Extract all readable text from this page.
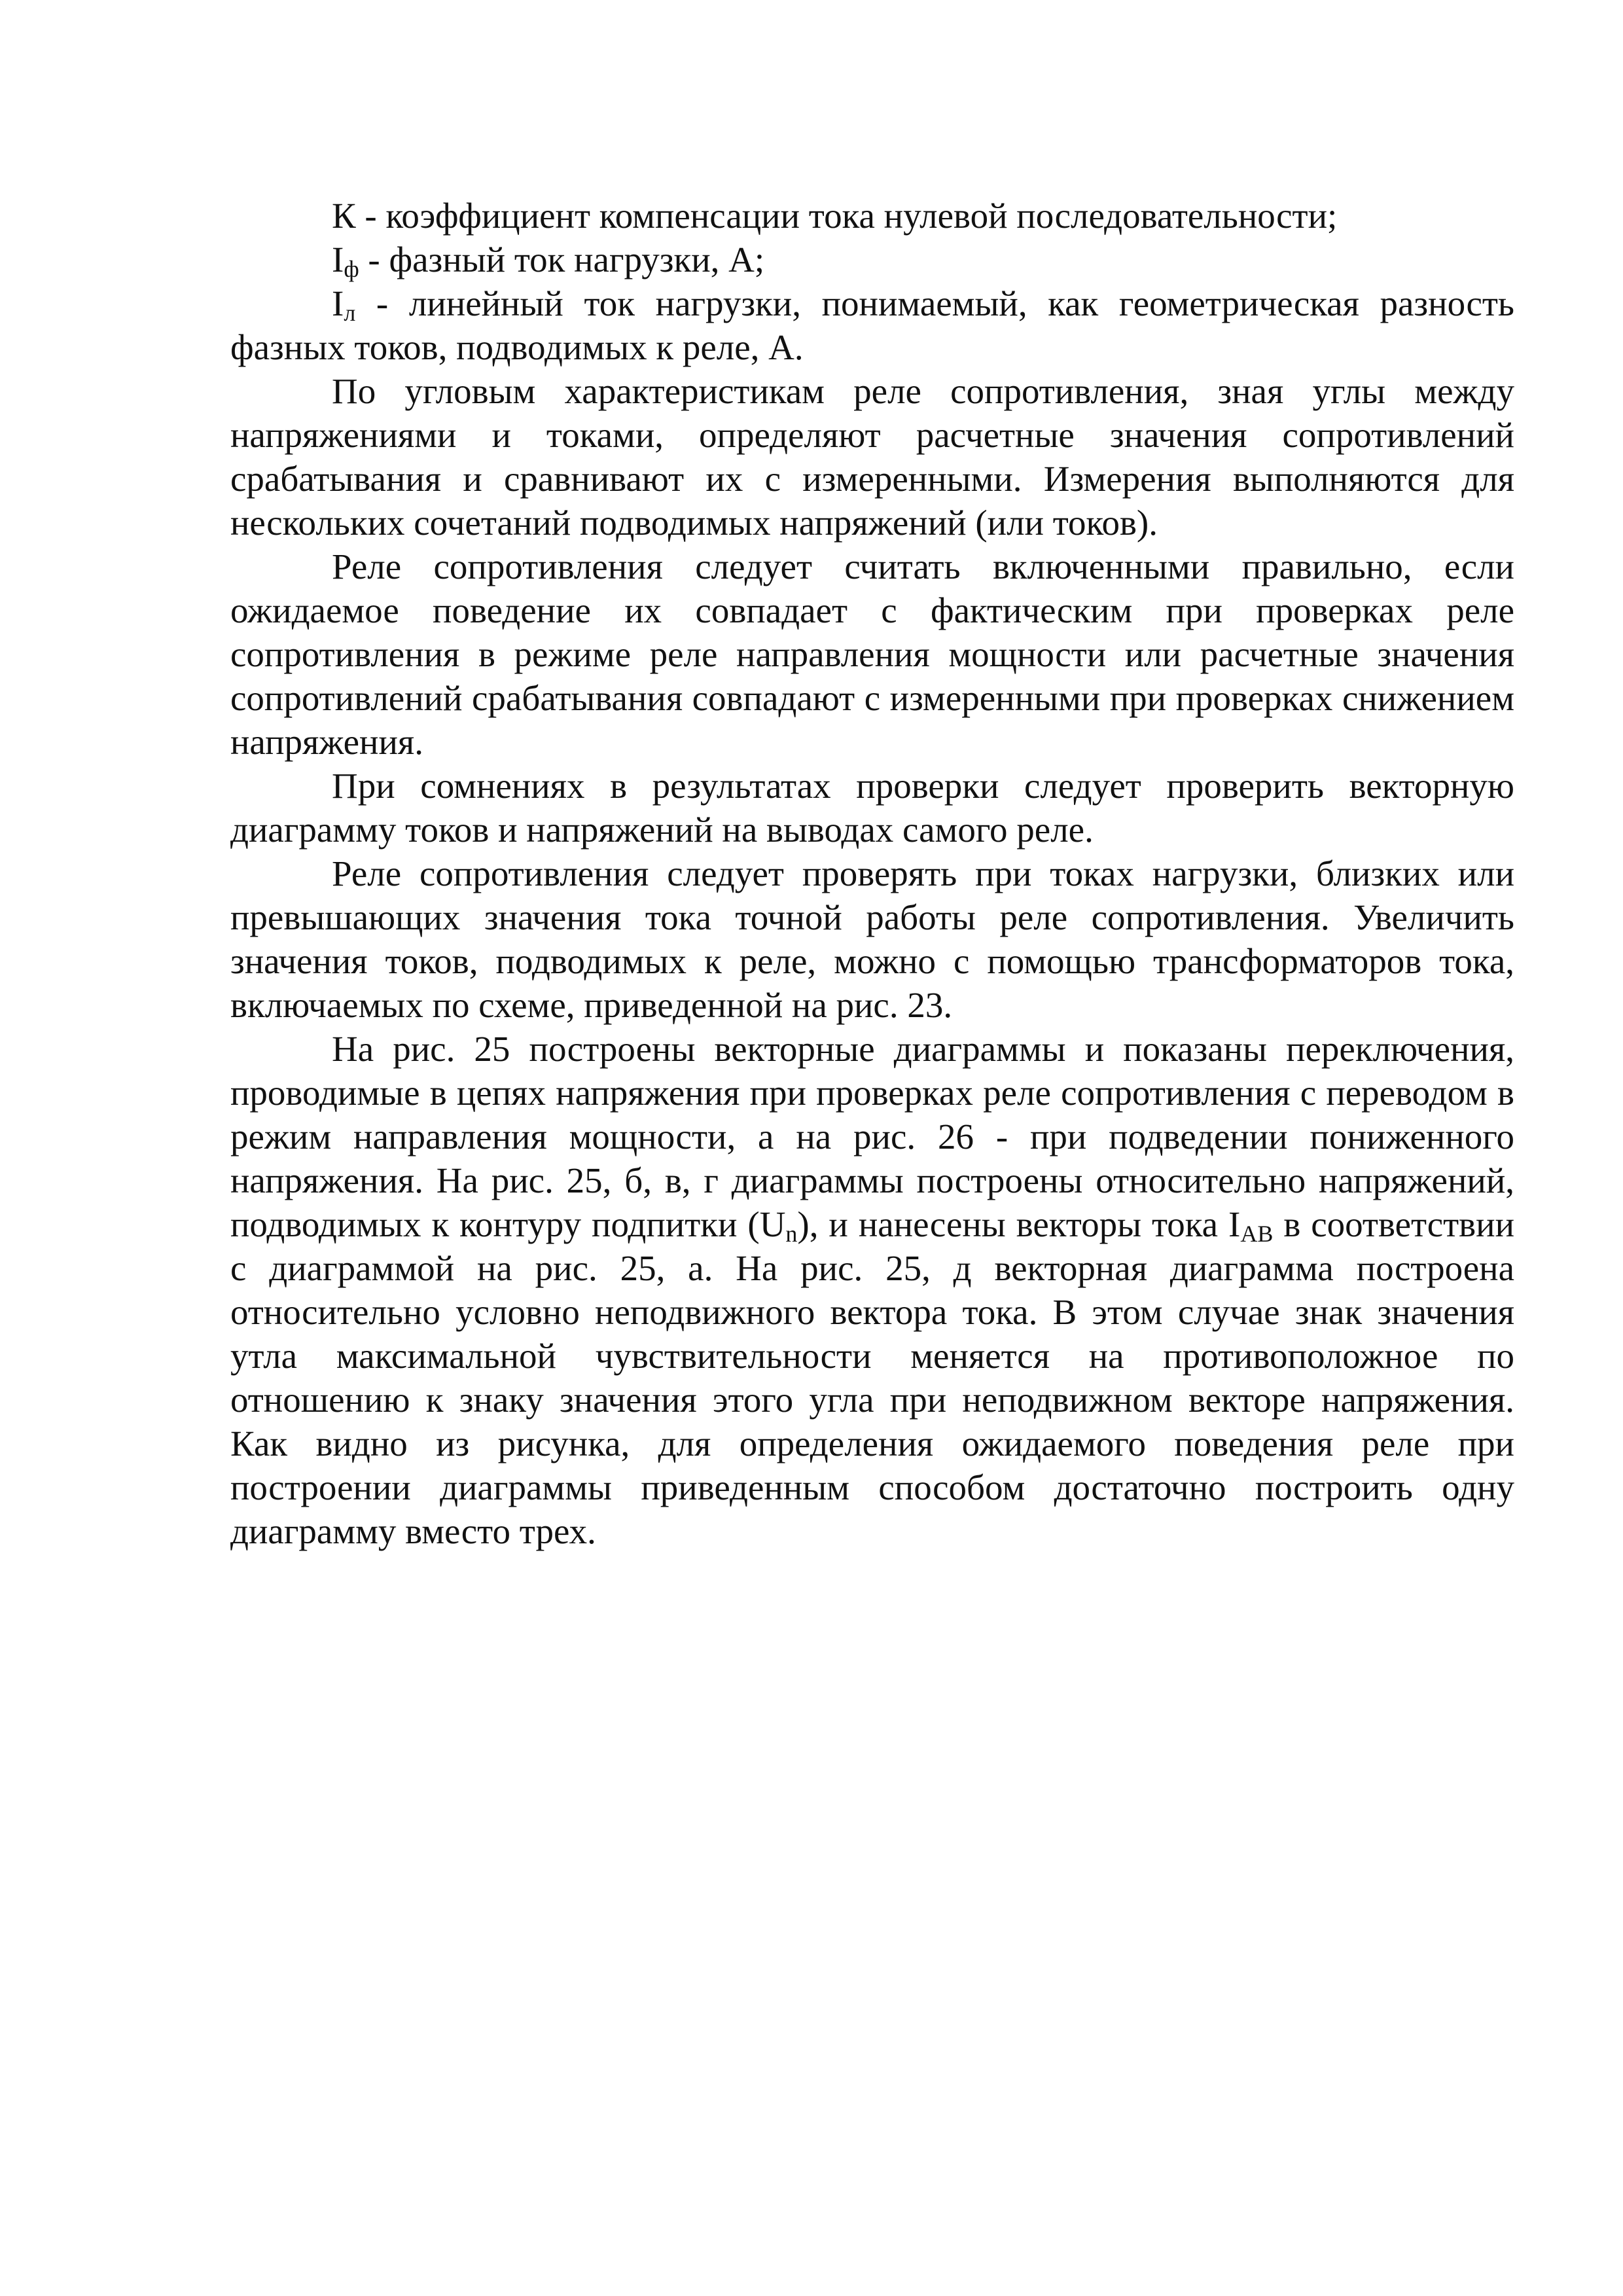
К - коэффициент компенсации тока нулевой последовательности;

$I_ф$ - фазный ток нагрузки, А;

$I_л$ - линейный ток нагрузки, понимаемый, как геометрическая разность фазных токов, подводимых к реле, А.

По угловым характеристикам реле сопротивления, зная углы между напряжениями и токами, определяют расчетные значения сопротивлений срабатывания и сравнивают их с измеренными. Измерения выполняются для нескольких сочетаний подводимых напряжений (или токов).

Реле сопротивления следует считать включенными правильно, если ожидаемое поведение их совпадает с фактическим при проверках реле сопротивления в режиме реле направления мощности или расчетные значения сопротивлений срабатывания совпадают с измеренными при проверках снижением напряжения.

При сомнениях в результатах проверки следует проверить векторную диаграмму токов и напряжений на выводах самого реле.

Реле сопротивления следует проверять при токах нагрузки, близких или превышающих значения тока точной работы реле сопротивления. Увеличить значения токов, подводимых к реле, можно с помощью трансформаторов тока, включаемых по схеме, приведенной на рис. 23.

На рис. 25 построены векторные диаграммы и показаны переключения, проводимые в цепях напряжения при проверках реле сопротивления с переводом в режим направления мощности, а на рис. 26 - при подведении пониженного напряжения. На рис. 25, б, в, г диаграммы построены относительно напряжений, подводимых к контуру подпитки $(U_n)$, и нанесены векторы тока $I_{AB}$ в соответствии с диаграммой на рис. 25, а. На рис. 25, д векторная диаграмма построена относительно условно неподвижного вектора тока. В этом случае знак значения утла максимальной чувствительности меняется на противоположное по отношению к знаку значения этого угла при неподвижном векторе напряжения. Как видно из рисунка, для определения ожидаемого поведения реле при построении диаграммы приведенным способом достаточно построить одну диаграмму вместо трех.
